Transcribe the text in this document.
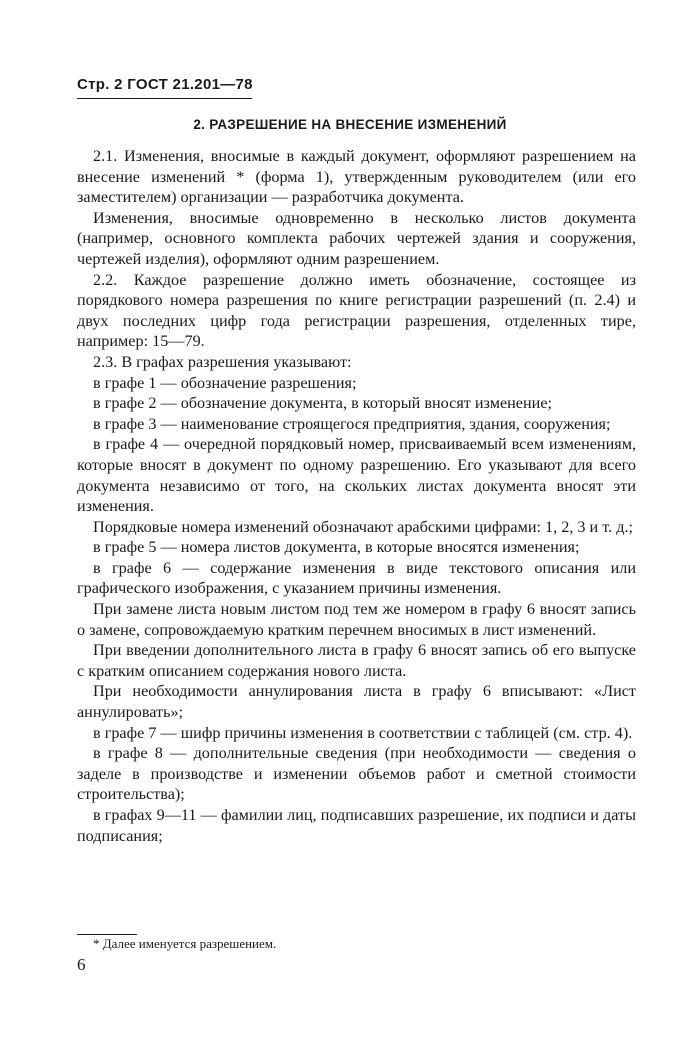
Стр. 2 ГОСТ 21.201—78
2. РАЗРЕШЕНИЕ НА ВНЕСЕНИЕ ИЗМЕНЕНИЙ

2.1. Изменения, вносимые в каждый документ, оформляют разрешением на внесение изменений * (форма 1), утвержденным руководителем (или его заместителем) организации — разработчика документа.

Изменения, вносимые одновременно в несколько листов документа (например, основного комплекта рабочих чертежей здания и сооружения, чертежей изделия), оформляют одним разрешением.

2.2. Каждое разрешение должно иметь обозначение, состоящее из порядкового номера разрешения по книге регистрации разрешений (п. 2.4) и двух последних цифр года регистрации разрешения, отделенных тире, например: 15—79.

2.3. В графах разрешения указывают:

в графе 1 — обозначение разрешения;

в графе 2 — обозначение документа, в который вносят изменение;

в графе 3 — наименование строящегося предприятия, здания, сооружения;

в графе 4 — очередной порядковый номер, присваиваемый всем изменениям, которые вносят в документ по одному разрешению. Его указывают для всего документа независимо от того, на скольких листах документа вносят эти изменения.

Порядковые номера изменений обозначают арабскими цифрами: 1, 2, 3 и т. д.;

в графе 5 — номера листов документа, в которые вносятся изменения;

в графе 6 — содержание изменения в виде текстового описания или графического изображения, с указанием причины изменения.

При замене листа новым листом под тем же номером в графу 6 вносят запись о замене, сопровождаемую кратким перечнем вносимых в лист изменений.

При введении дополнительного листа в графу 6 вносят запись об его выпуске с кратким описанием содержания нового листа.

При необходимости аннулирования листа в графу 6 вписывают: «Лист аннулировать»;

в графе 7 — шифр причины изменения в соответствии с таблицей (см. стр. 4).

в графе 8 — дополнительные сведения (при необходимости — сведения о заделе в производстве и изменении объемов работ и сметной стоимости строительства);

в графах 9—11 — фамилии лиц, подписавших разрешение, их подписи и даты подписания;

* Далее именуется разрешением.
6
